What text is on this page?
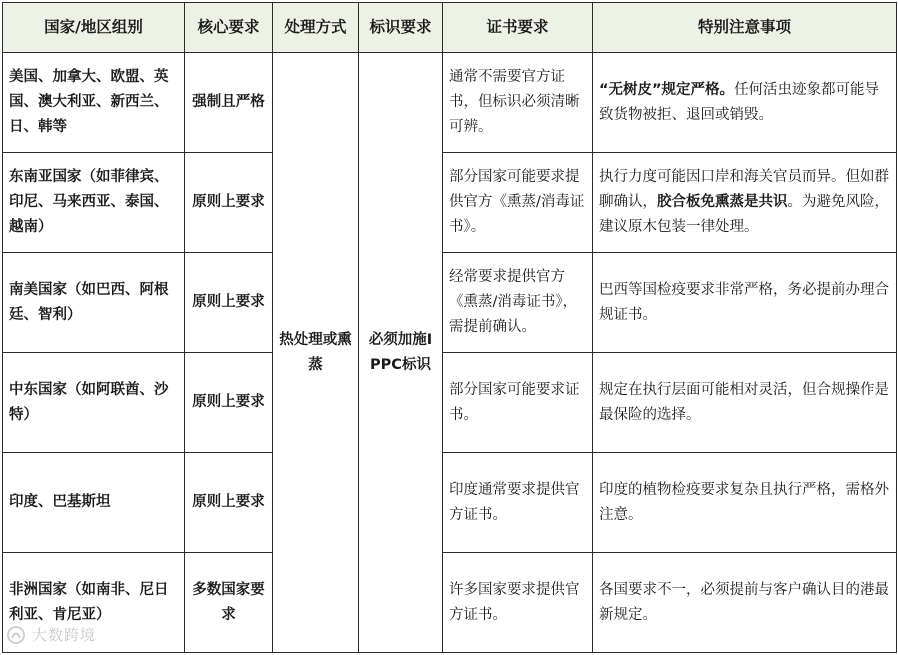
国家/地区组别	核心要求	处理方式	标识要求	证书要求	特别注意事项
美国、加拿大、欧盟、英国、澳大利亚、新西兰、日、韩等	强制且严格	热处理或熏蒸	必须加施IPPC标识	通常不需要官方证书，但标识必须清晰可辨。	“无树皮”规定严格。任何活虫迹象都可能导致货物被拒、退回或销毁。
东南亚国家（如菲律宾、印尼、马来西亚、泰国、越南）	原则上要求			部分国家可能要求提供官方《熏蒸/消毒证书》。	执行力度可能因口岸和海关官员而异。但如群聊确认，胶合板免熏蒸是共识。为避免风险，建议原木包装一律处理。
南美国家（如巴西、阿根廷、智利）	原则上要求			经常要求提供官方《熏蒸/消毒证书》，需提前确认。	巴西等国检疫要求非常严格，务必提前办理合规证书。
中东国家（如阿联酋、沙特）	原则上要求			部分国家可能要求证书。	规定在执行层面可能相对灵活，但合规操作是最保险的选择。
印度、巴基斯坦	原则上要求			印度通常要求提供官方证书。	印度的植物检疫要求复杂且执行严格，需格外注意。
非洲国家（如南非、尼日利亚、肯尼亚）	多数国家要求			许多国家要求提供官方证书。	各国要求不一，必须提前与客户确认目的港最新规定。
大数跨境
